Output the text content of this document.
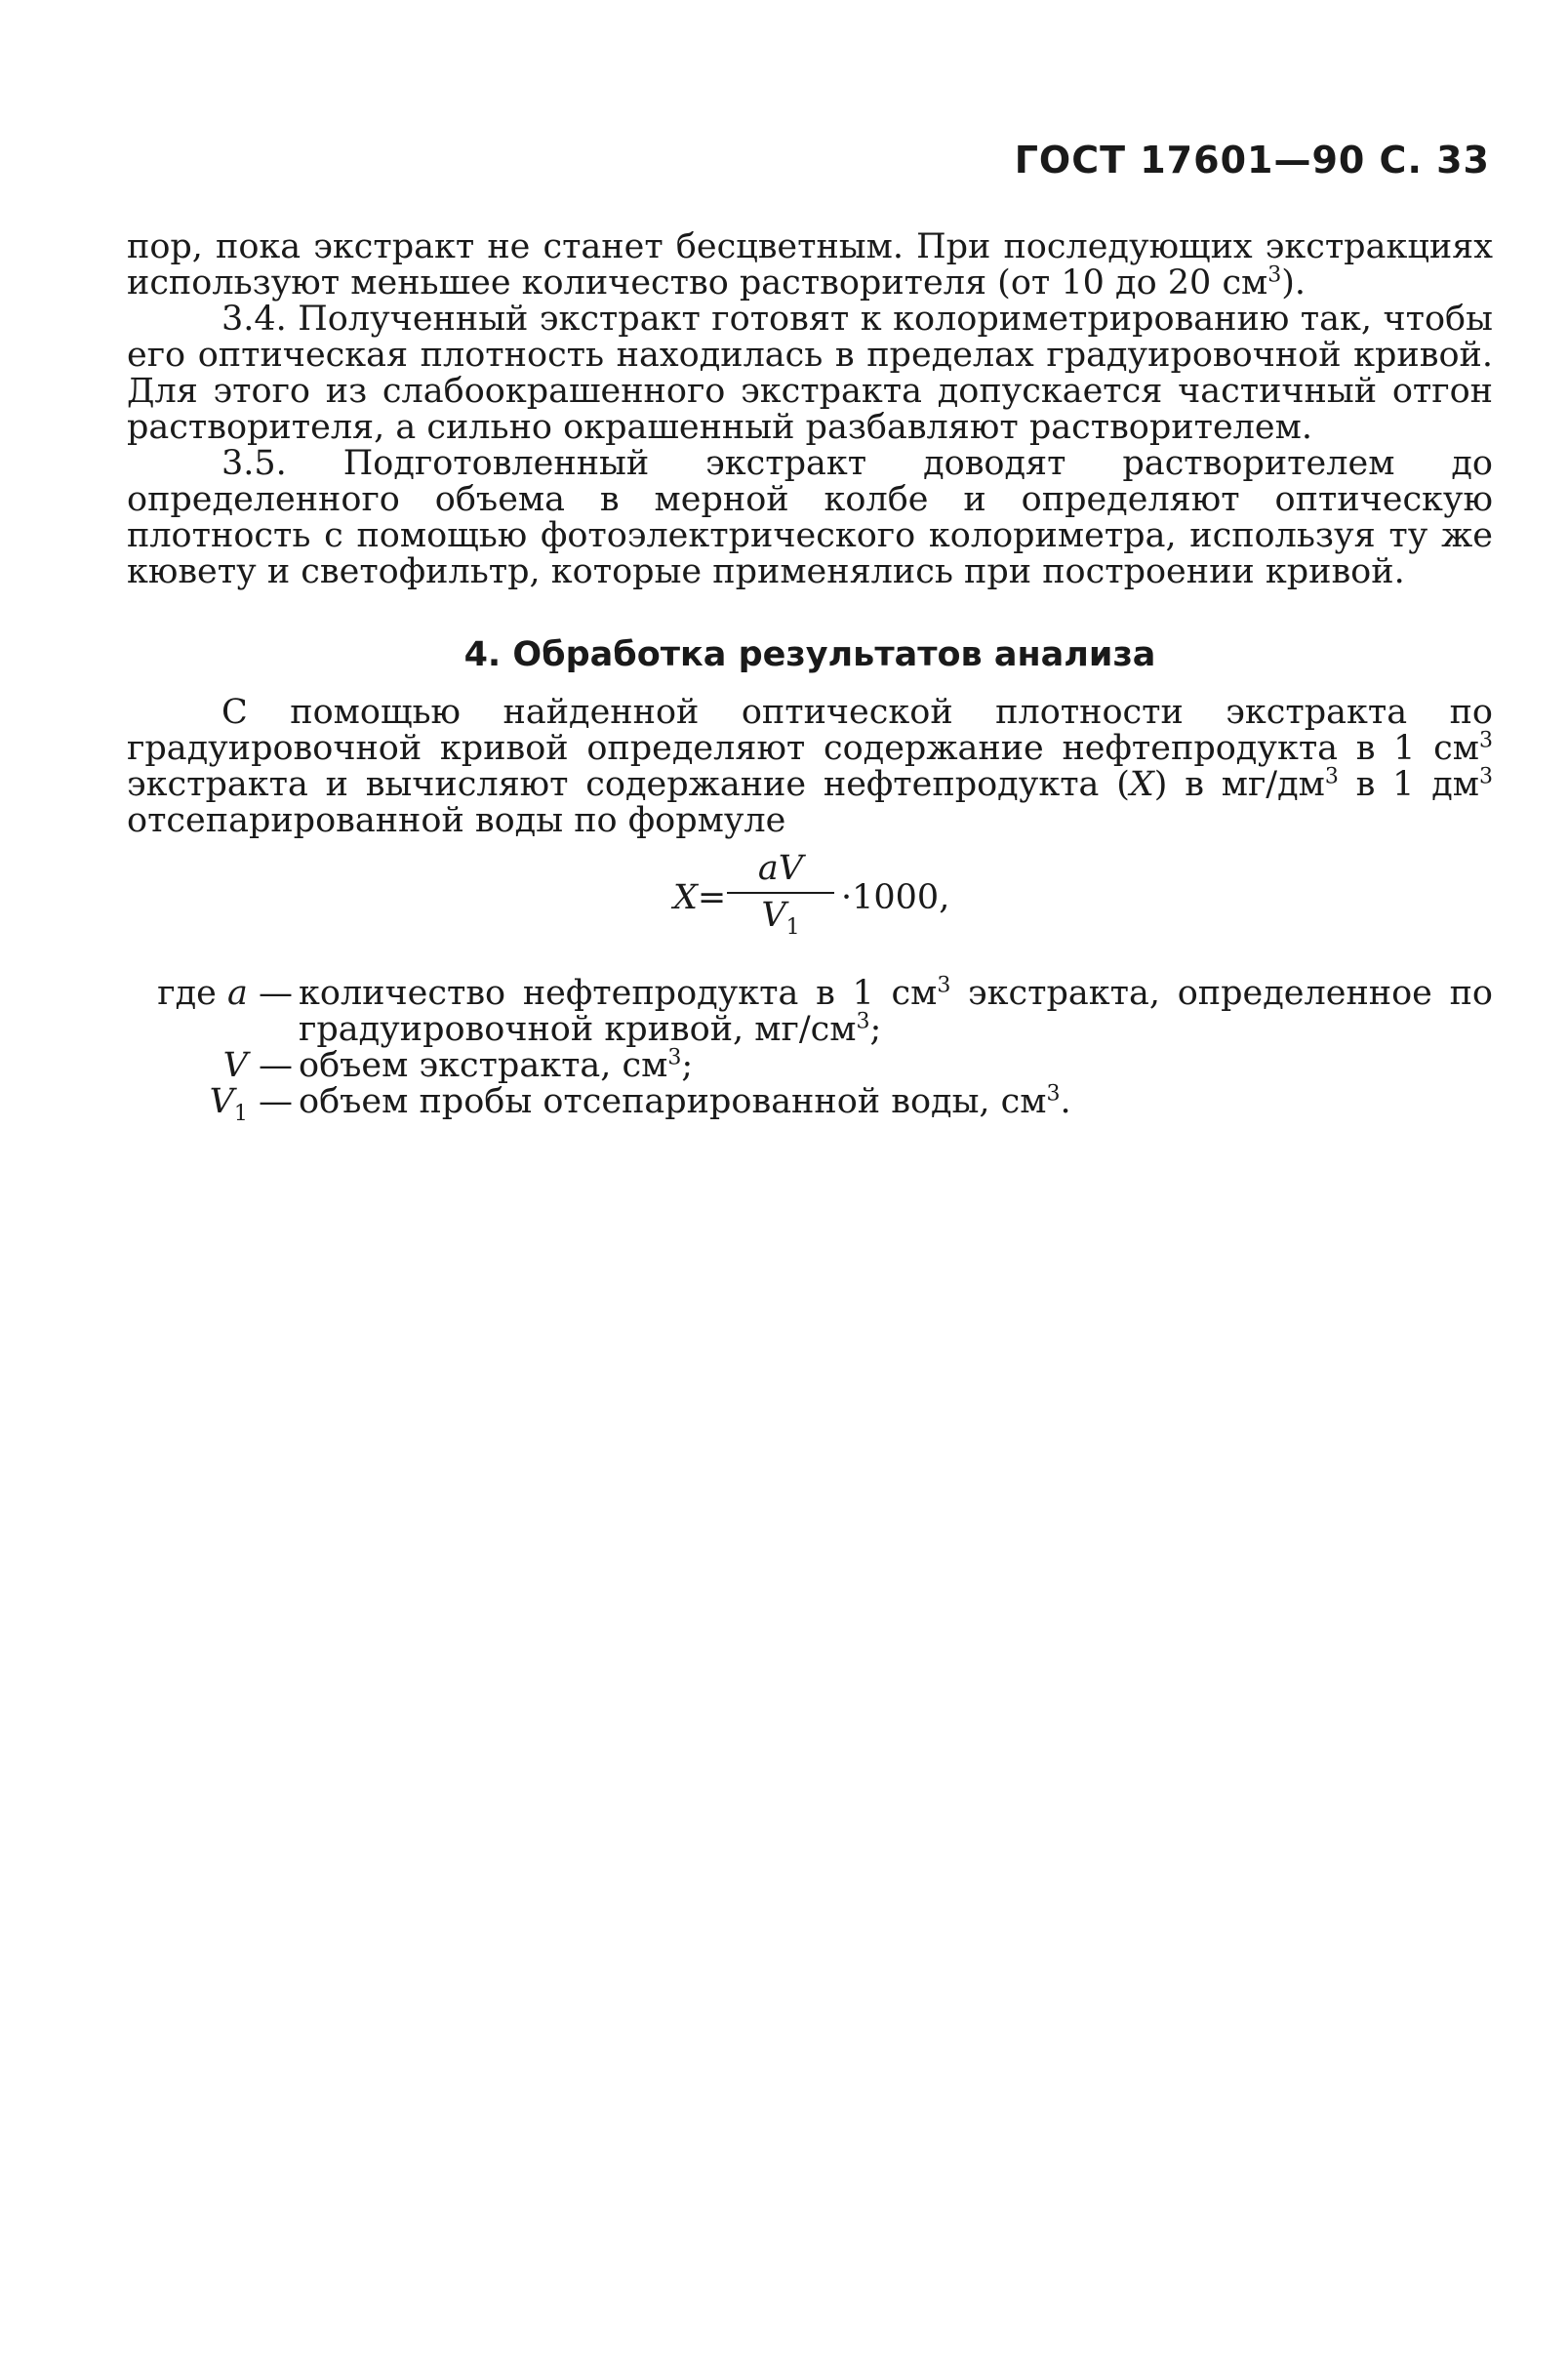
ГОСТ 17601—90 С. 33

пор, пока экстракт не станет бесцветным. При последующих экстракциях используют меньшее количество растворителя (от 10 до 20 $см^3$).

3.4. Полученный экстракт готовят к колориметрированию так, чтобы его оптическая плотность находилась в пределах градуировочной кривой. Для этого из слабоокрашенного экстракта допускается частичный отгон растворителя, а сильно окрашенный разбавляют растворителем.

3.5. Подготовленный экстракт доводят растворителем до определенного объема в мерной колбе и определяют оптическую плотность с помощью фотоэлектрического колориметра, используя ту же кювету и светофильтр, которые применялись при построении кривой.

4. Обработка результатов анализа

С помощью найденной оптической плотности экстракта по градуировочной кривой определяют содержание нефтепродукта в 1 $см^3$ экстракта и вычисляют содержание нефтепродукта (X) в $мг/дм^3$ в 1 $дм^3$ отсепарированной воды по формуле

X=
aV
$V_1$
·1000,
где a — количество нефтепродукта в 1 $см^3$ экстракта, определенное по градуировочной кривой, $мг/см^3$;
V — объем экстракта, $см^3$;
$V_1$ — объем пробы отсепарированной воды, $см^3$.
